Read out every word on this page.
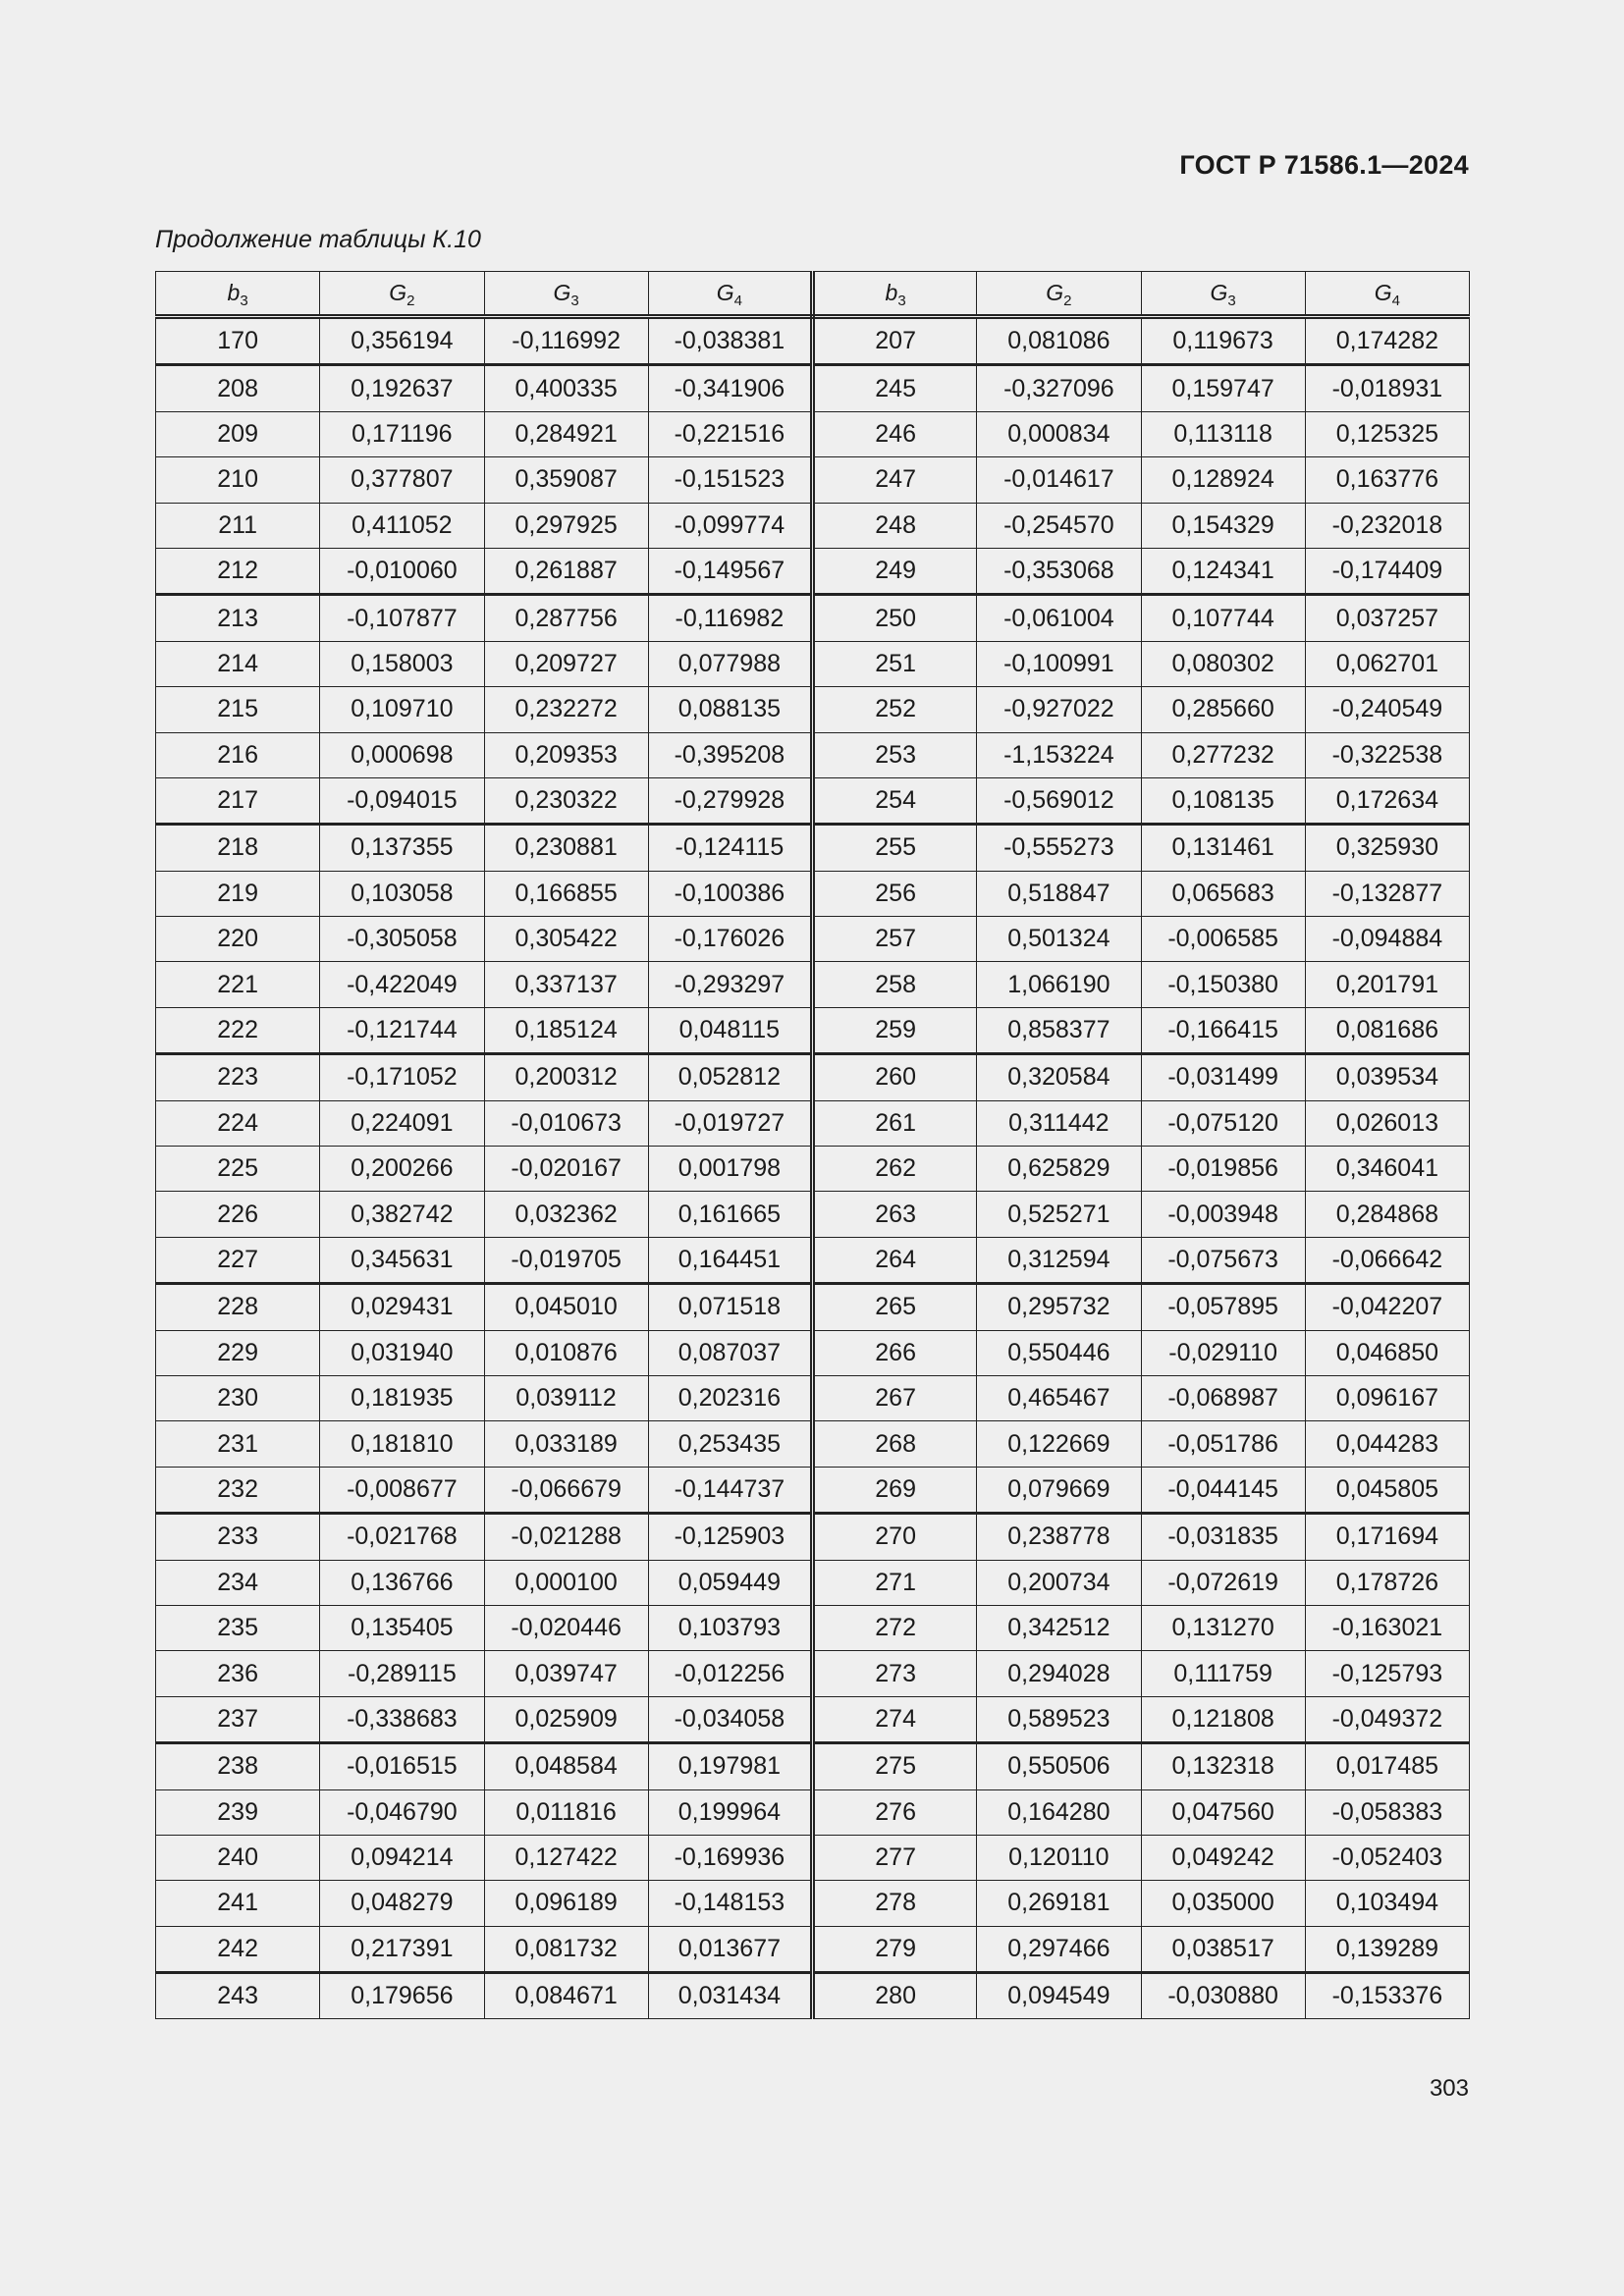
ГОСТ Р 71586.1—2024
Продолжение таблицы К.10
$b_3$	$G_2$	$G_3$	$G_4$	$b_3$	$G_2$	$G_3$	$G_4$
170	0,356194	-0,116992	-0,038381	207	0,081086	0,119673	0,174282
208	0,192637	0,400335	-0,341906	245	-0,327096	0,159747	-0,018931
209	0,171196	0,284921	-0,221516	246	0,000834	0,113118	0,125325
210	0,377807	0,359087	-0,151523	247	-0,014617	0,128924	0,163776
211	0,411052	0,297925	-0,099774	248	-0,254570	0,154329	-0,232018
212	-0,010060	0,261887	-0,149567	249	-0,353068	0,124341	-0,174409
213	-0,107877	0,287756	-0,116982	250	-0,061004	0,107744	0,037257
214	0,158003	0,209727	0,077988	251	-0,100991	0,080302	0,062701
215	0,109710	0,232272	0,088135	252	-0,927022	0,285660	-0,240549
216	0,000698	0,209353	-0,395208	253	-1,153224	0,277232	-0,322538
217	-0,094015	0,230322	-0,279928	254	-0,569012	0,108135	0,172634
218	0,137355	0,230881	-0,124115	255	-0,555273	0,131461	0,325930
219	0,103058	0,166855	-0,100386	256	0,518847	0,065683	-0,132877
220	-0,305058	0,305422	-0,176026	257	0,501324	-0,006585	-0,094884
221	-0,422049	0,337137	-0,293297	258	1,066190	-0,150380	0,201791
222	-0,121744	0,185124	0,048115	259	0,858377	-0,166415	0,081686
223	-0,171052	0,200312	0,052812	260	0,320584	-0,031499	0,039534
224	0,224091	-0,010673	-0,019727	261	0,311442	-0,075120	0,026013
225	0,200266	-0,020167	0,001798	262	0,625829	-0,019856	0,346041
226	0,382742	0,032362	0,161665	263	0,525271	-0,003948	0,284868
227	0,345631	-0,019705	0,164451	264	0,312594	-0,075673	-0,066642
228	0,029431	0,045010	0,071518	265	0,295732	-0,057895	-0,042207
229	0,031940	0,010876	0,087037	266	0,550446	-0,029110	0,046850
230	0,181935	0,039112	0,202316	267	0,465467	-0,068987	0,096167
231	0,181810	0,033189	0,253435	268	0,122669	-0,051786	0,044283
232	-0,008677	-0,066679	-0,144737	269	0,079669	-0,044145	0,045805
233	-0,021768	-0,021288	-0,125903	270	0,238778	-0,031835	0,171694
234	0,136766	0,000100	0,059449	271	0,200734	-0,072619	0,178726
235	0,135405	-0,020446	0,103793	272	0,342512	0,131270	-0,163021
236	-0,289115	0,039747	-0,012256	273	0,294028	0,111759	-0,125793
237	-0,338683	0,025909	-0,034058	274	0,589523	0,121808	-0,049372
238	-0,016515	0,048584	0,197981	275	0,550506	0,132318	0,017485
239	-0,046790	0,011816	0,199964	276	0,164280	0,047560	-0,058383
240	0,094214	0,127422	-0,169936	277	0,120110	0,049242	-0,052403
241	0,048279	0,096189	-0,148153	278	0,269181	0,035000	0,103494
242	0,217391	0,081732	0,013677	279	0,297466	0,038517	0,139289
243	0,179656	0,084671	0,031434	280	0,094549	-0,030880	-0,153376
303
